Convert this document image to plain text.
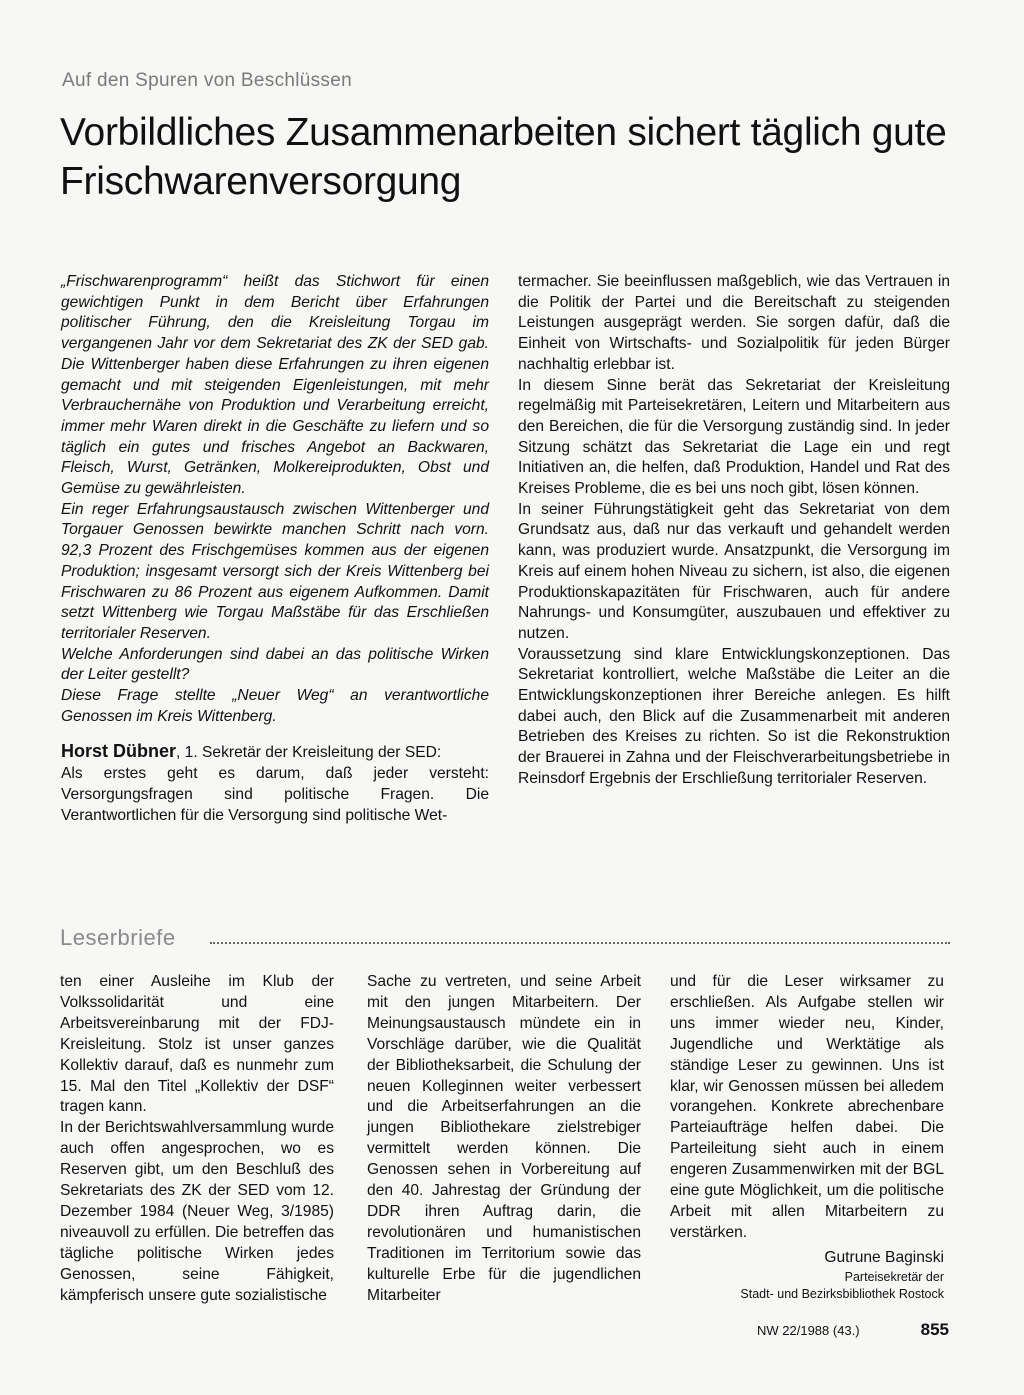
Auf den Spuren von Beschlüssen
Vorbildliches Zusammenarbeiten sichert täglich gute Frischwarenversorgung

„Frischwarenprogramm“ heißt das Stichwort für einen gewichtigen Punkt in dem Bericht über Erfahrungen politischer Führung, den die Kreisleitung Torgau im vergangenen Jahr vor dem Sekretariat des ZK der SED gab. Die Wittenberger haben diese Erfahrungen zu ihren eigenen gemacht und mit steigenden Eigenleistungen, mit mehr Verbrauchernähe von Produktion und Verarbeitung erreicht, immer mehr Waren direkt in die Geschäfte zu liefern und so täglich ein gutes und frisches Angebot an Backwaren, Fleisch, Wurst, Getränken, Molkereiprodukten, Obst und Gemüse zu gewährleisten.

Ein reger Erfahrungsaustausch zwischen Wittenberger und Torgauer Genossen bewirkte manchen Schritt nach vorn. 92,3 Prozent des Frischgemüses kommen aus der eigenen Produktion; insgesamt versorgt sich der Kreis Wittenberg bei Frischwaren zu 86 Prozent aus eigenem Aufkommen. Damit setzt Wittenberg wie Torgau Maßstäbe für das Erschließen territorialer Reserven.

Welche Anforderungen sind dabei an das politische Wirken der Leiter gestellt?

Diese Frage stellte „Neuer Weg“ an verantwortliche Genossen im Kreis Wittenberg.

Horst Dübner, 1. Sekretär der Kreisleitung der SED:

Als erstes geht es darum, daß jeder versteht: Versorgungsfragen sind politische Fragen. Die Verantwortlichen für die Versorgung sind politische Wet-

termacher. Sie beeinflussen maßgeblich, wie das Vertrauen in die Politik der Partei und die Bereitschaft zu steigenden Leistungen ausgeprägt werden. Sie sorgen dafür, daß die Einheit von Wirtschafts- und Sozialpolitik für jeden Bürger nachhaltig erlebbar ist.

In diesem Sinne berät das Sekretariat der Kreisleitung regelmäßig mit Parteisekretären, Leitern und Mitarbeitern aus den Bereichen, die für die Versorgung zuständig sind. In jeder Sitzung schätzt das Sekretariat die Lage ein und regt Initiativen an, die helfen, daß Produktion, Handel und Rat des Kreises Probleme, die es bei uns noch gibt, lösen können.

In seiner Führungstätigkeit geht das Sekretariat von dem Grundsatz aus, daß nur das verkauft und gehandelt werden kann, was produziert wurde. Ansatzpunkt, die Versorgung im Kreis auf einem hohen Niveau zu sichern, ist also, die eigenen Produktionskapazitäten für Frischwaren, auch für andere Nahrungs- und Konsumgüter, auszubauen und effektiver zu nutzen.

Voraussetzung sind klare Entwicklungskonzeptionen. Das Sekretariat kontrolliert, welche Maßstäbe die Leiter an die Entwicklungskonzeptionen ihrer Bereiche anlegen. Es hilft dabei auch, den Blick auf die Zusammenarbeit mit anderen Betrieben des Kreises zu richten. So ist die Rekonstruktion der Brauerei in Zahna und der Fleischverarbeitungsbetriebe in Reinsdorf Ergebnis der Erschließung territorialer Reserven.

Leserbriefe

ten einer Ausleihe im Klub der Volkssolidarität und eine Arbeitsvereinbarung mit der FDJ-Kreisleitung. Stolz ist unser ganzes Kollektiv darauf, daß es nunmehr zum 15. Mal den Titel „Kollektiv der DSF“ tragen kann.

In der Berichtswahlversammlung wurde auch offen angesprochen, wo es Reserven gibt, um den Beschluß des Sekretariats des ZK der SED vom 12. Dezember 1984 (Neuer Weg, 3/1985) niveauvoll zu erfüllen. Die betreffen das tägliche politische Wirken jedes Genossen, seine Fähigkeit, kämpferisch unsere gute sozialistische

Sache zu vertreten, und seine Arbeit mit den jungen Mitarbeitern. Der Meinungsaustausch mündete ein in Vorschläge darüber, wie die Qualität der Bibliotheksarbeit, die Schulung der neuen Kolleginnen weiter verbessert und die Arbeitserfahrungen an die jungen Bibliothekare zielstrebiger vermittelt werden können. Die Genossen sehen in Vorbereitung auf den 40. Jahrestag der Gründung der DDR ihren Auftrag darin, die revolutionären und humanistischen Traditionen im Territorium sowie das kulturelle Erbe für die jugendlichen Mitarbeiter

und für die Leser wirksamer zu erschließen. Als Aufgabe stellen wir uns immer wieder neu, Kinder, Jugendliche und Werktätige als ständige Leser zu gewinnen. Uns ist klar, wir Genossen müssen bei alledem vorangehen. Konkrete abrechenbare Parteiaufträge helfen dabei. Die Parteileitung sieht auch in einem engeren Zusammenwirken mit der BGL eine gute Möglichkeit, um die politische Arbeit mit allen Mitarbeitern zu verstärken.

Gutrune Baginski

Parteisekretär der

Stadt- und Bezirksbibliothek Rostock

NW 22/1988 (43.)	855
